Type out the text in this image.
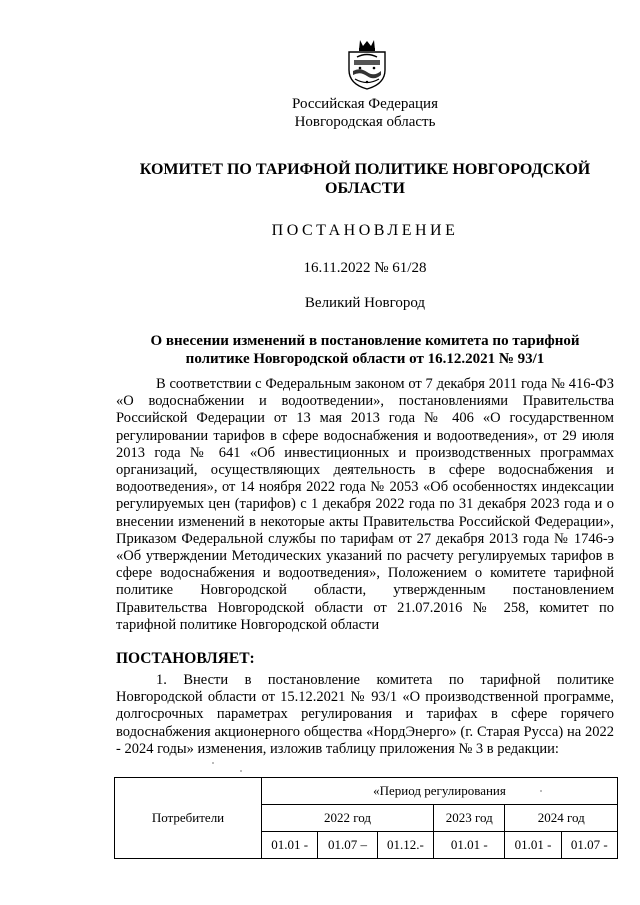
Российская Федерация
Новгородская область
КОМИТЕТ ПО ТАРИФНОЙ ПОЛИТИКЕ НОВГОРОДСКОЙ ОБЛАСТИ
ПОСТАНОВЛЕНИЕ
16.11.2022 № 61/28
Великий Новгород
О внесении изменений в постановление комитета по тарифной политике Новгородской области от 16.12.2021 № 93/1
В соответствии с Федеральным законом от 7 декабря 2011 года № 416-ФЗ «О водоснабжении и водоотведении», постановлениями Правительства Российской Федерации от 13 мая 2013 года № 406 «О государственном регулировании тарифов в сфере водоснабжения и водоотведения», от 29 июля 2013 года № 641 «Об инвестиционных и производственных программах организаций, осуществляющих деятельность в сфере водоснабжения и водоотведения», от 14 ноября 2022 года № 2053 «Об особенностях индексации регулируемых цен (тарифов) с 1 декабря 2022 года по 31 декабря 2023 года и о внесении изменений в некоторые акты Правительства Российской Федерации», Приказом Федеральной службы по тарифам от 27 декабря 2013 года № 1746-э «Об утверждении Методических указаний по расчету регулируемых тарифов в сфере водоснабжения и водоотведения», Положением о комитете тарифной политике Новгородской области, утвержденным постановлением Правительства Новгородской области от 21.07.2016 № 258, комитет по тарифной политике Новгородской области
ПОСТАНОВЛЯЕТ:
1. Внести в постановление комитета по тарифной политике Новгородской области от 15.12.2021 № 93/1 «О производственной программе, долгосрочных параметрах регулирования и тарифах в сфере горячего водоснабжения акционерного общества «НордЭнерго» (г. Старая Русса) на 2022 - 2024 годы» изменения, изложив таблицу приложения № 3 в редакции:
Потребители	«Период регулирования					
	2022 год			2023 год	2024 год	
	01.01 -	01.07 –	01.12.-	01.01 -	01.01 -	01.07 -
